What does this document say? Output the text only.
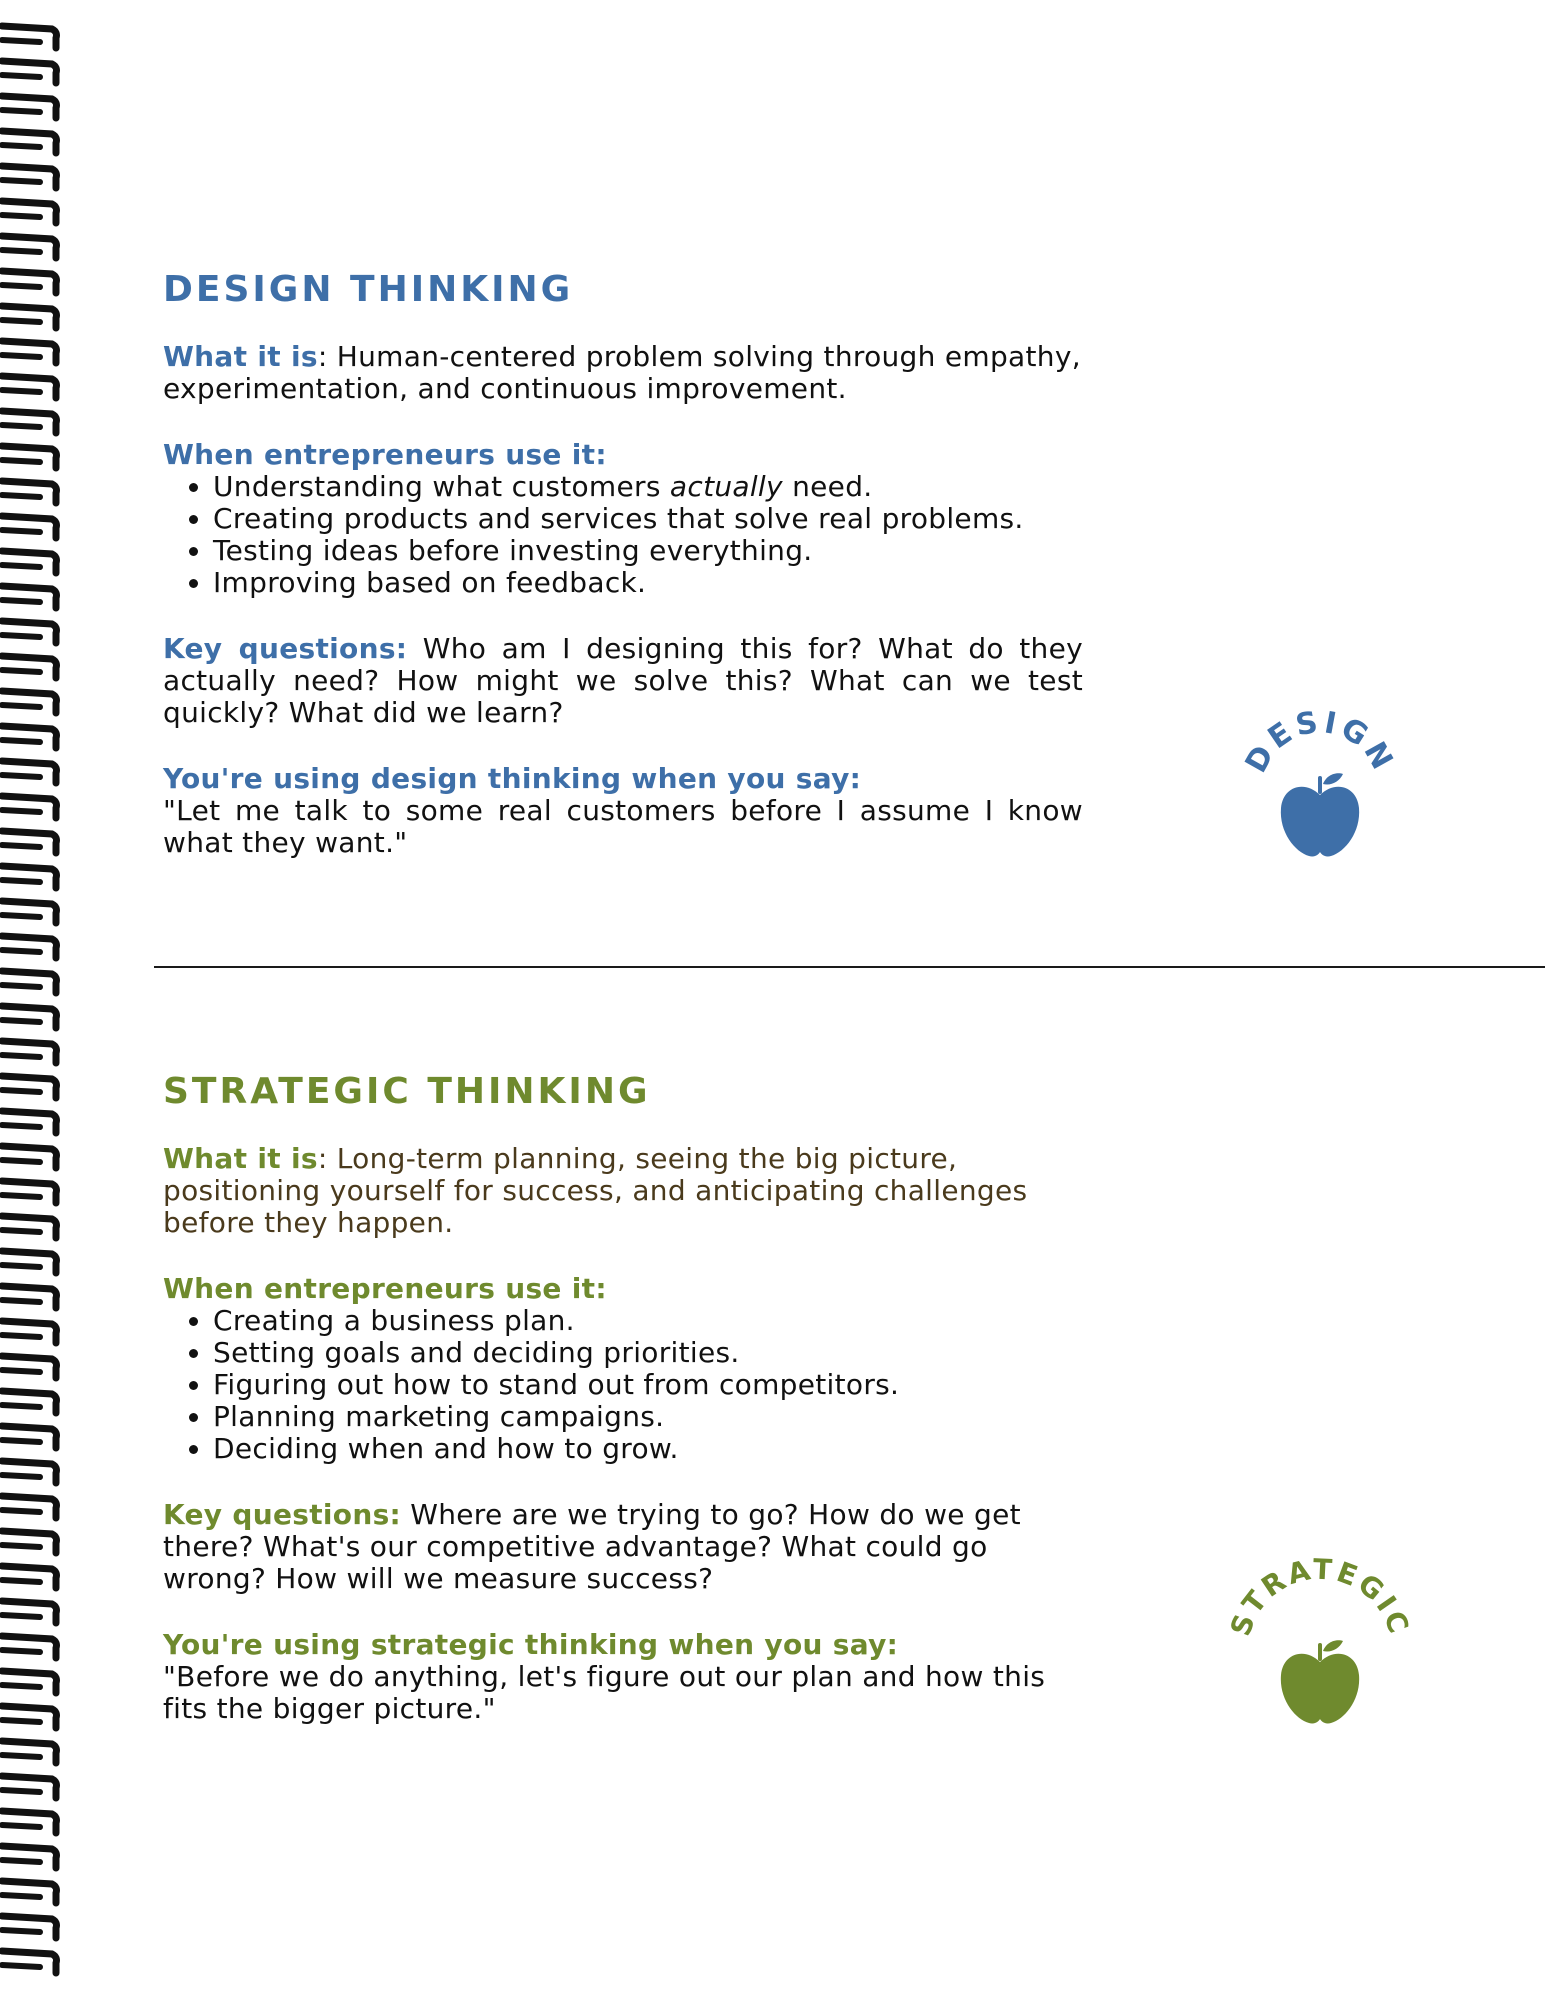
DESIGN THINKING

What it is: Human-centered problem solving through empathy, experimentation, and continuous improvement.

When entrepreneurs use it:

• Understanding what customers actually need.
• Creating products and services that solve real problems.
• Testing ideas before investing everything.
• Improving based on feedback.

Key questions: Who am I designing this for? What do they actually need? How might we solve this? What can we test quickly? What did we learn?

You're using design thinking when you say:

"Let me talk to some real customers before I assume I know what they want."

DESIGN
STRATEGIC THINKING

What it is: Long-term planning, seeing the big picture, positioning yourself for success, and anticipating challenges before they happen.

When entrepreneurs use it:

• Creating a business plan.
• Setting goals and deciding priorities.
• Figuring out how to stand out from competitors.
• Planning marketing campaigns.
• Deciding when and how to grow.

Key questions: Where are we trying to go? How do we get there? What's our competitive advantage? What could go wrong? How will we measure success?

You're using strategic thinking when you say:

"Before we do anything, let's figure out our plan and how this fits the bigger picture."

STRATEGIC
